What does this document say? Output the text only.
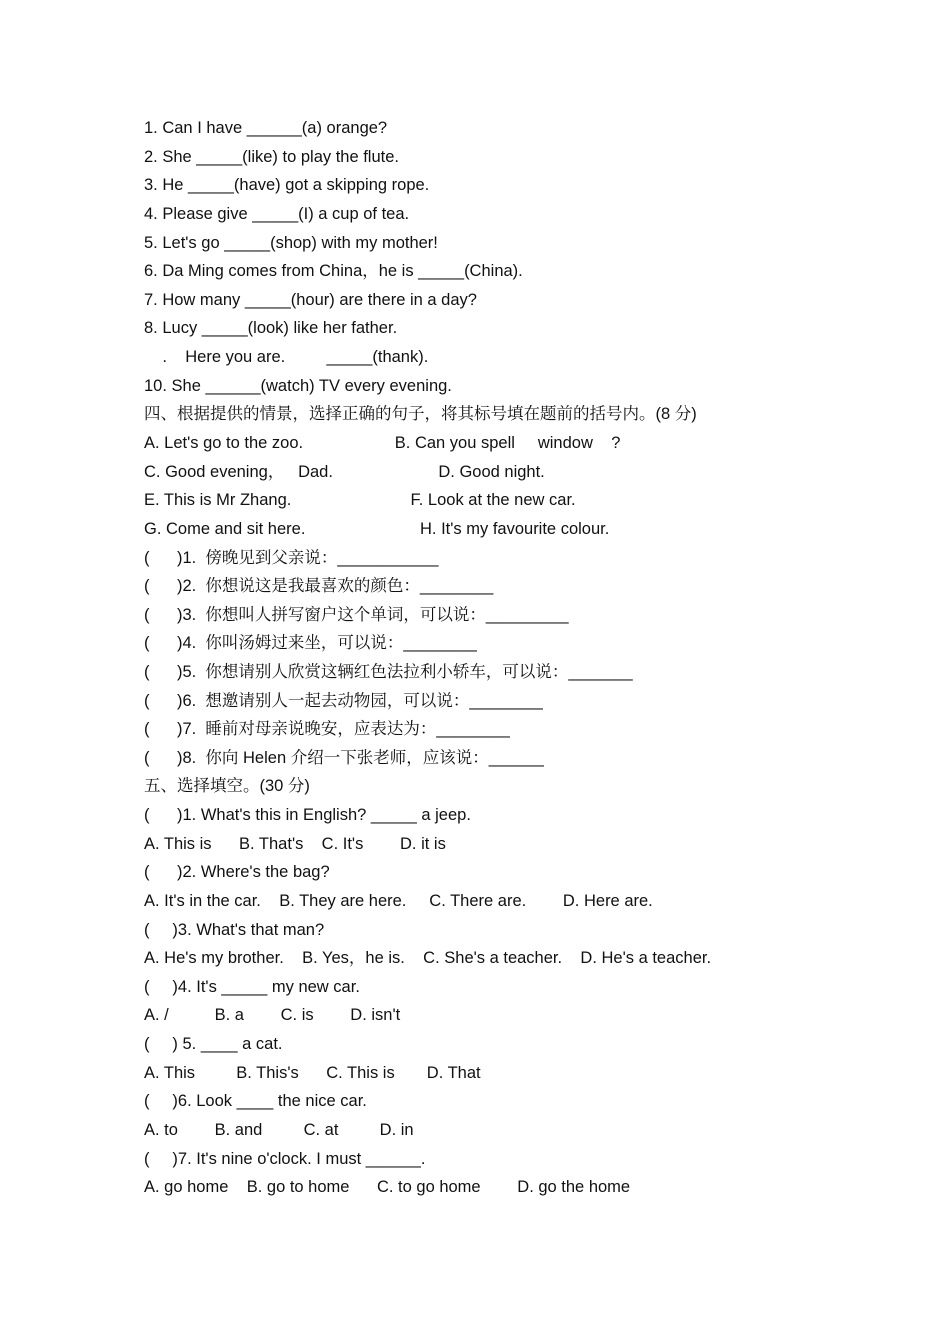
1. Can I have ______(a) orange?
2. She _____(like) to play the flute.
3. He _____(have) got a skipping rope.
4. Please give _____(I) a cup of tea.
5. Let's go _____(shop) with my mother!
6. Da Ming comes from China，he is _____(China).
7. How many _____(hour) are there in a day?
8. Lucy _____(look) like her father.
.    Here you are.         _____(thank).
10. She ______(watch) TV every evening.
四、根据提供的情景，选择正确的句子，将其标号填在题前的括号内。(8 分)
A. Let's go to the zoo.                    B. Can you spell     window    ?
C. Good evening，   Dad.                       D. Good night.
E. This is Mr Zhang.                          F. Look at the new car.
G. Come and sit here.                         H. It's my favourite colour.
(      )1.  傍晚见到父亲说：___________
(      )2.  你想说这是我最喜欢的颜色：________
(      )3.  你想叫人拼写窗户这个单词，可以说：_________
(      )4.  你叫汤姆过来坐，可以说：________
(      )5.  你想请别人欣赏这辆红色法拉利小轿车，可以说：_______
(      )6.  想邀请别人一起去动物园，可以说：________
(      )7.  睡前对母亲说晚安，应表达为：________
(      )8.  你向 Helen 介绍一下张老师，应该说：______
五、选择填空。(30 分)
(      )1. What's this in English? _____ a jeep.
A. This is      B. That's    C. It's        D. it is
(      )2. Where's the bag?
A. It's in the car.    B. They are here.     C. There are.        D. Here are.
(     )3. What's that man?
A. He's my brother.    B. Yes，he is.    C. She's a teacher.    D. He's a teacher.
(     )4. It's _____ my new car.
A. /          B. a        C. is        D. isn't
(     ) 5. ____ a cat.
A. This         B. This's      C. This is       D. That
(     )6. Look ____ the nice car.
A. to        B. and         C. at         D. in
(     )7. It's nine o'clock. I must ______.
A. go home    B. go to home      C. to go home        D. go the home
